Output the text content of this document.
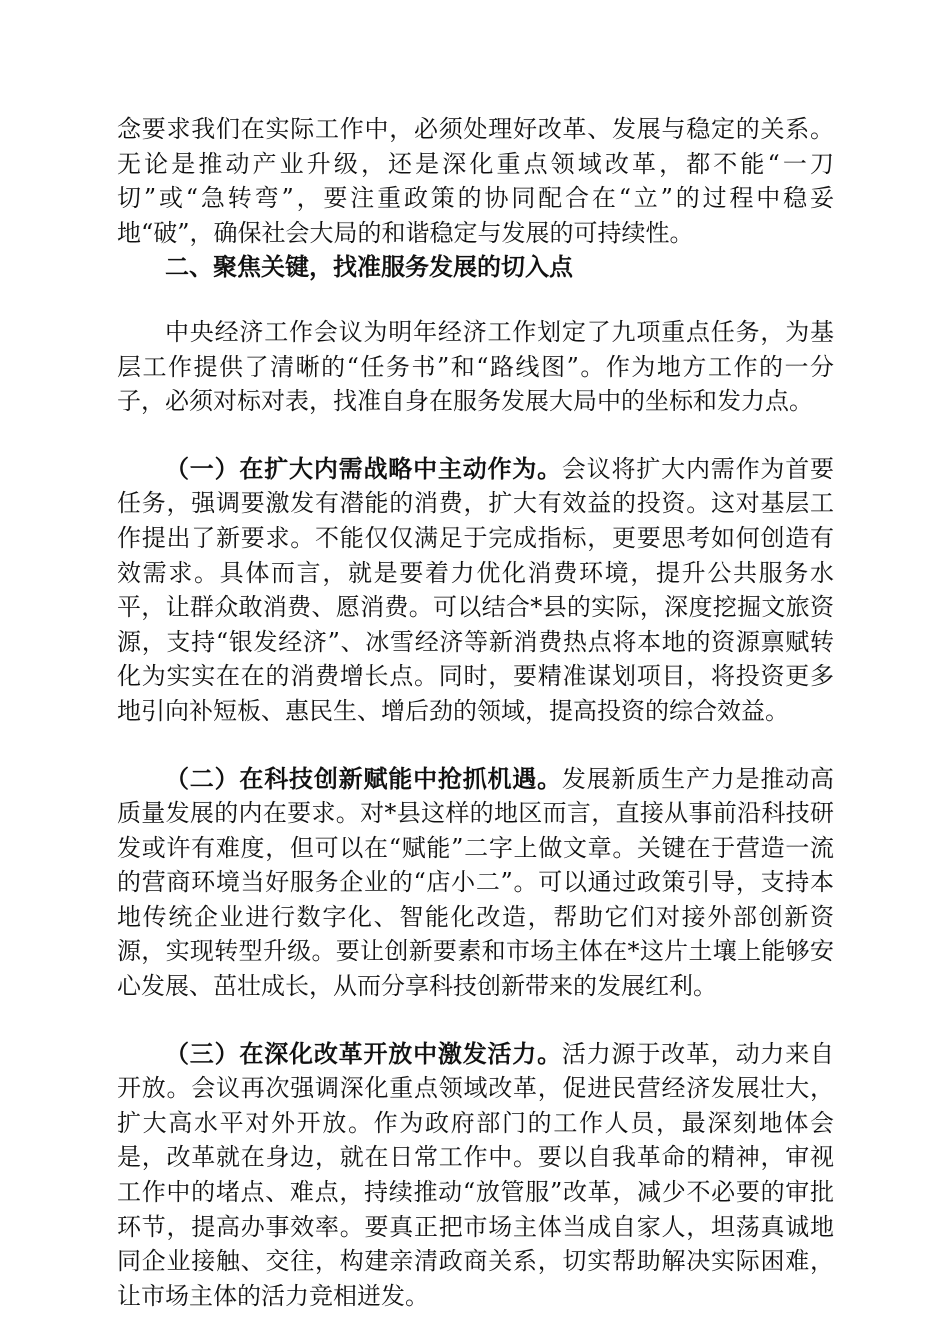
念要求我们在实际工作中，必须处理好改革、发展与稳定的关系。无论是推动产业升级，还是深化重点领域改革，都不能“一刀切”或“急转弯”，要注重政策的协同配合在“立”的过程中稳妥地“破”，确保社会大局的和谐稳定与发展的可持续性。

二、聚焦关键，找准服务发展的切入点

中央经济工作会议为明年经济工作划定了九项重点任务，为基层工作提供了清晰的“任务书”和“路线图”。作为地方工作的一分子，必须对标对表，找准自身在服务发展大局中的坐标和发力点。

（一）在扩大内需战略中主动作为。会议将扩大内需作为首要任务，强调要激发有潜能的消费，扩大有效益的投资。这对基层工作提出了新要求。不能仅仅满足于完成指标，更要思考如何创造有效需求。具体而言，就是要着力优化消费环境，提升公共服务水平，让群众敢消费、愿消费。可以结合*县的实际，深度挖掘文旅资源，支持“银发经济”、冰雪经济等新消费热点将本地的资源禀赋转化为实实在在的消费增长点。同时，要精准谋划项目，将投资更多地引向补短板、惠民生、增后劲的领域，提高投资的综合效益。

（二）在科技创新赋能中抢抓机遇。发展新质生产力是推动高质量发展的内在要求。对*县这样的地区而言，直接从事前沿科技研发或许有难度，但可以在“赋能”二字上做文章。关键在于营造一流的营商环境当好服务企业的“店小二”。可以通过政策引导，支持本地传统企业进行数字化、智能化改造，帮助它们对接外部创新资源，实现转型升级。要让创新要素和市场主体在*这片土壤上能够安心发展、茁壮成长，从而分享科技创新带来的发展红利。

（三）在深化改革开放中激发活力。活力源于改革，动力来自开放。会议再次强调深化重点领域改革，促进民营经济发展壮大，扩大高水平对外开放。作为政府部门的工作人员，最深刻地体会是，改革就在身边，就在日常工作中。要以自我革命的精神，审视工作中的堵点、难点，持续推动“放管服”改革，减少不必要的审批环节，提高办事效率。要真正把市场主体当成自家人，坦荡真诚地同企业接触、交往，构建亲清政商关系，切实帮助解决实际困难，让市场主体的活力竞相迸发。
